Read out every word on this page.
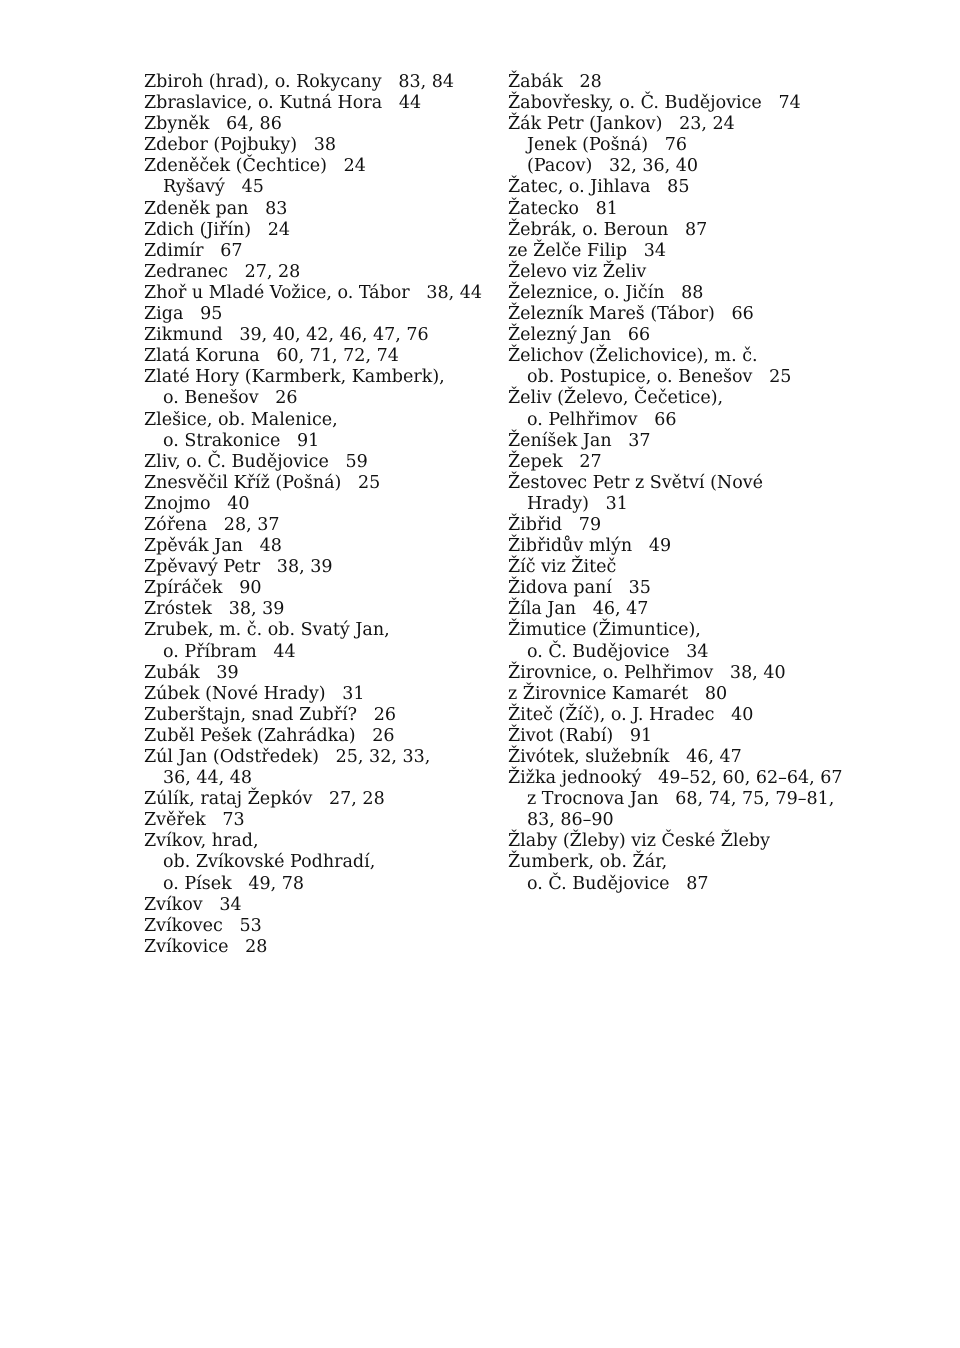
Zbiroh (hrad), o. Rokycany   83, 84
Zbraslavice, o. Kutná Hora   44
Zbyněk   64, 86
Zdebor (Pojbuky)   38
Zdeněček (Čechtice)   24
Ryšavý   45
Zdeněk pan   83
Zdich (Jiřín)   24
Zdimír   67
Zedranec   27, 28
Zhoř u Mladé Vožice, o. Tábor   38, 44
Ziga   95
Zikmund   39, 40, 42, 46, 47, 76
Zlatá Koruna   60, 71, 72, 74
Zlaté Hory (Karmberk, Kamberk),
o. Benešov   26
Zlešice, ob. Malenice,
o. Strakonice   91
Zliv, o. Č. Budějovice   59
Znesvěčil Kříž (Pošná)   25
Znojmo   40
Zóřena   28, 37
Zpěvák Jan   48
Zpěvavý Petr   38, 39
Zpíráček   90
Zróstek   38, 39
Zrubek, m. č. ob. Svatý Jan,
o. Příbram   44
Zubák   39
Zúbek (Nové Hrady)   31
Zuberštajn, snad Zubří?   26
Zuběl Pešek (Zahrádka)   26
Zúl Jan (Odstředek)   25, 32, 33,
36, 44, 48
Zúlík, rataj Žepkóv   27, 28
Zvěřek   73
Zvíkov, hrad,
ob. Zvíkovské Podhradí,
o. Písek   49, 78
Zvíkov   34
Zvíkovec   53
Zvíkovice   28
Žabák   28
Žabovřesky, o. Č. Budějovice   74
Žák Petr (Jankov)   23, 24
Jenek (Pošná)   76
(Pacov)   32, 36, 40
Žatec, o. Jihlava   85
Žatecko   81
Žebrák, o. Beroun   87
ze Želče Filip   34
Želevo viz Želiv
Železnice, o. Jičín   88
Železník Mareš (Tábor)   66
Železný Jan   66
Želichov (Želichovice), m. č.
ob. Postupice, o. Benešov   25
Želiv (Želevo, Čečetice),
o. Pelhřimov   66
Ženíšek Jan   37
Žepek   27
Žestovec Petr z Světví (Nové
Hrady)   31
Žibřid   79
Žibřidův mlýn   49
Žíč viz Žiteč
Židova paní   35
Žíla Jan   46, 47
Žimutice (Žimuntice),
o. Č. Budějovice   34
Žirovnice, o. Pelhřimov   38, 40
z Žirovnice Kamarét   80
Žiteč (Žíč), o. J. Hradec   40
Život (Rabí)   91
Živótek, služebník   46, 47
Žižka jednooký   49–52, 60, 62–64, 67
z Trocnova Jan   68, 74, 75, 79–81,
83, 86–90
Žlaby (Žleby) viz České Žleby
Žumberk, ob. Žár,
o. Č. Budějovice   87
